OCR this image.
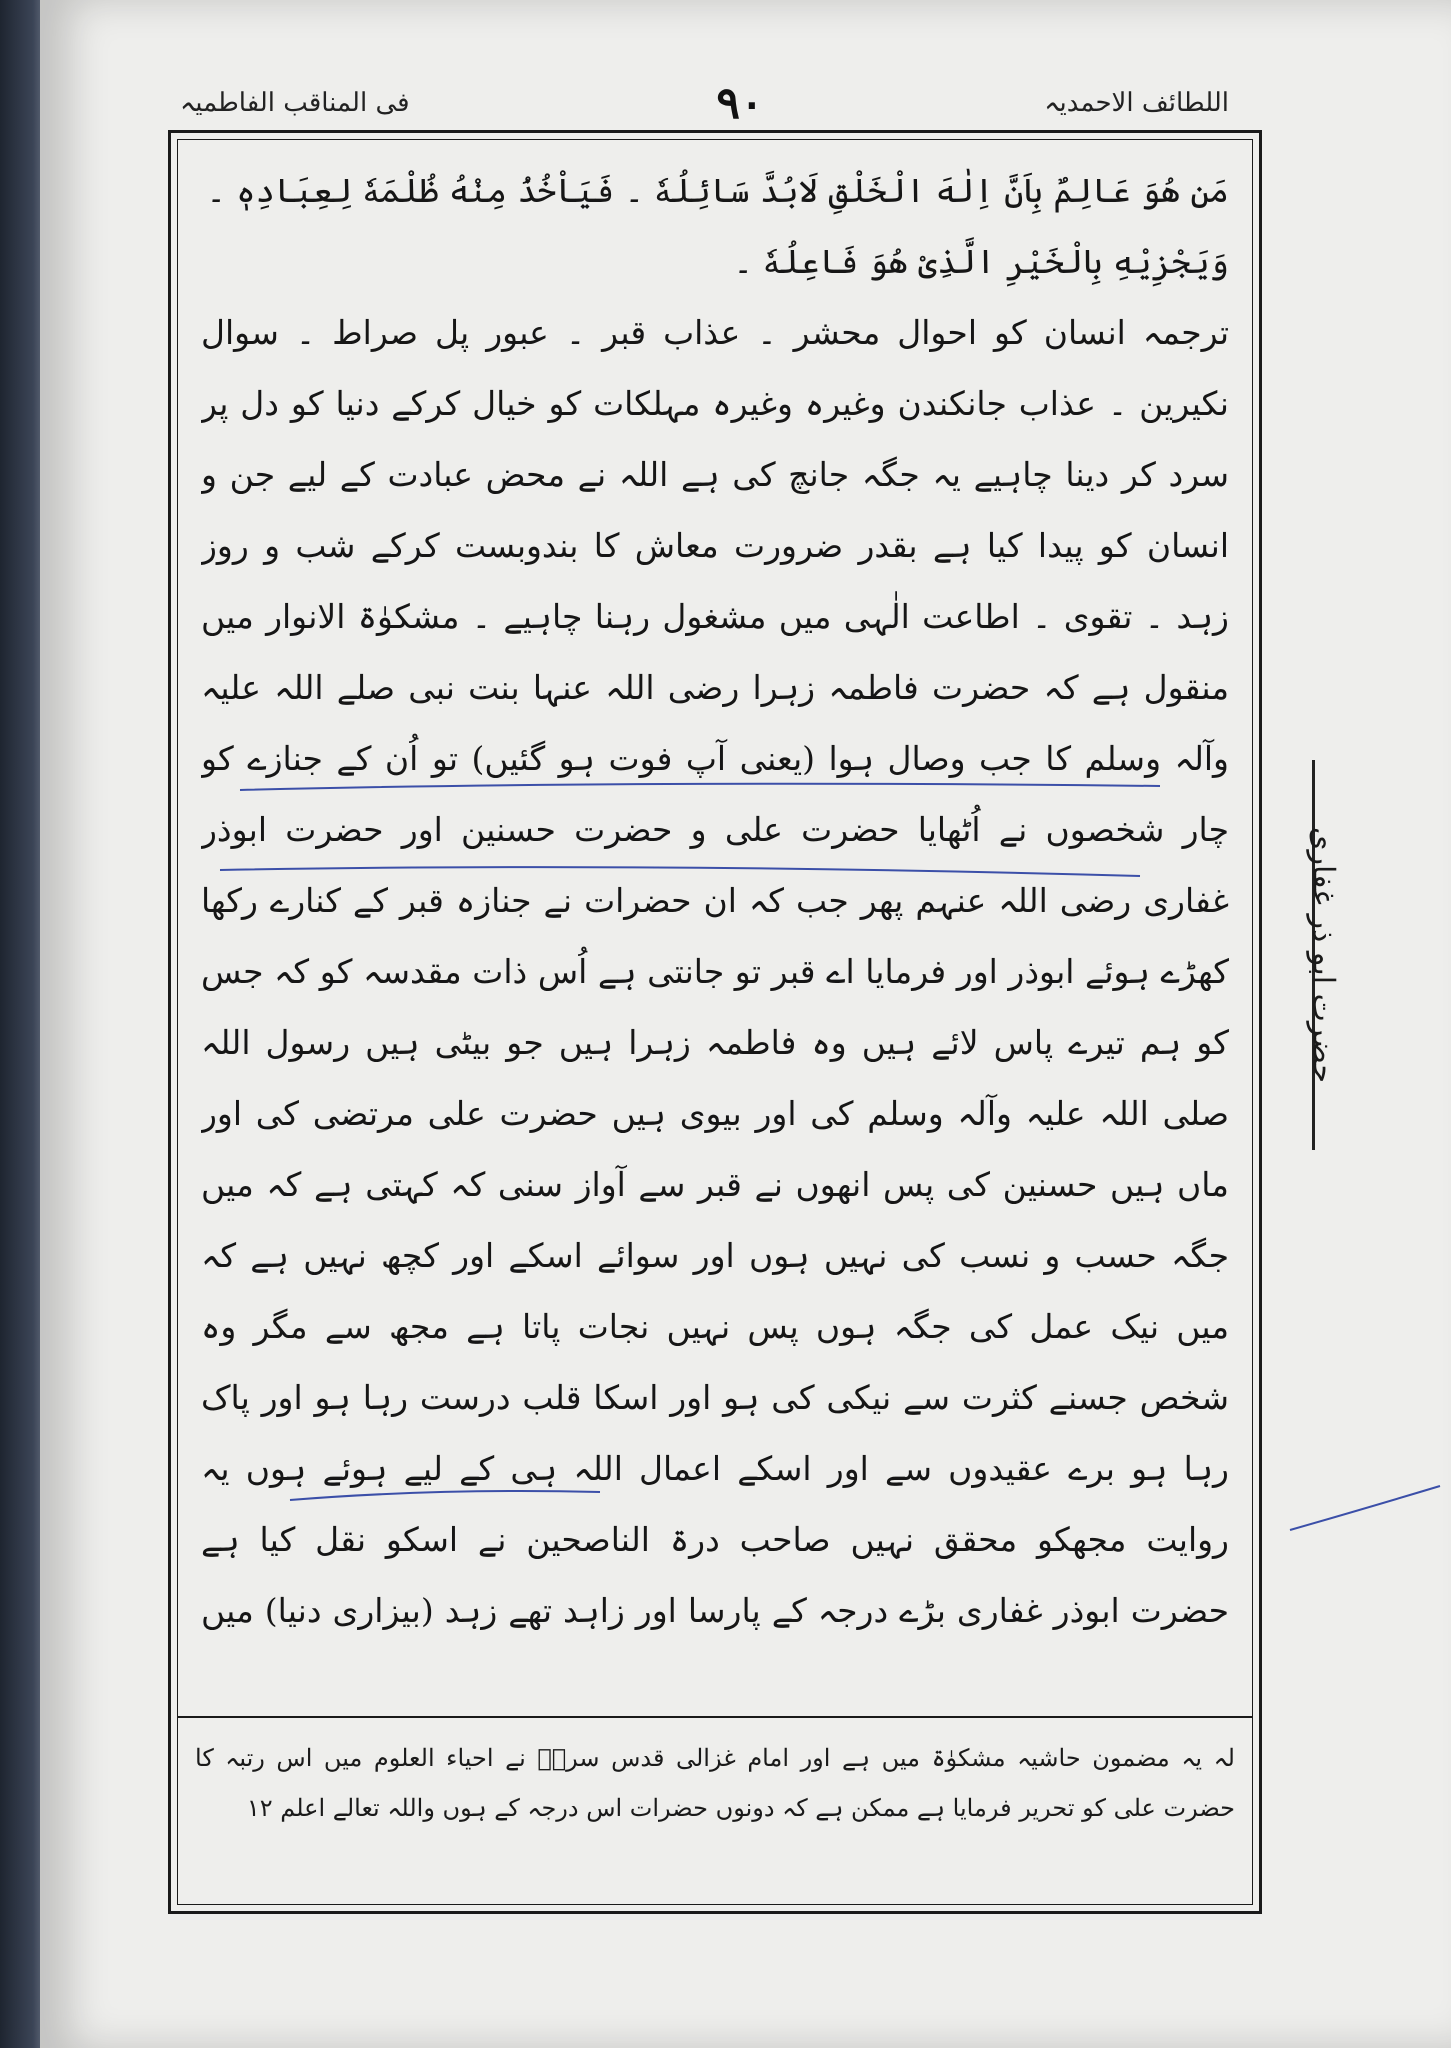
اللطائف الاحمدیہ
۹۰
فی المناقب الفاطمیہ

مَن هُوَ عَالِمٌ بِاَنَّ اِلٰهَ الْخَلْقِ لَابُدَّ سَائِلُهٗ ۔ فَیَاْخُذُ مِنْهُ ظُلْمَهٗ لِعِبَادِہٖ ۔

وَیَجْزِیْهِ بِالْخَیْرِ الَّذِیْ هُوَ فَاعِلُهٗ ۔

ترجمہ انسان کو احوال محشر ۔ عذاب قبر ۔ عبور پل صراط ۔ سوال نکیرین ۔ عذاب جانکندن وغیرہ وغیرہ مہلکات کو خیال کرکے دنیا کو دل پر سرد کر دینا چاہیے یہ جگہ جانچ کی ہے اللہ نے محض عبادت کے لیے جن و انسان کو پیدا کیا ہے بقدر ضرورت معاش کا بندوبست کرکے شب و روز زہد ۔ تقوی ۔ اطاعت الٰہی میں مشغول رہنا چاہیے ۔ مشکوٰۃ الانوار میں منقول ہے کہ حضرت فاطمہ زہرا رضی اللہ عنہا بنت نبی صلے اللہ علیہ وآلہ وسلم کا جب وصال ہوا (یعنی آپ فوت ہو گئیں) تو اُن کے جنازے کو چار شخصوں نے اُٹھایا حضرت علی و حضرت حسنین اور حضرت ابوذر غفاری رضی اللہ عنہم پھر جب کہ ان حضرات نے جنازہ قبر کے کنارے رکھا کھڑے ہوئے ابوذر اور فرمایا اے قبر تو جانتی ہے اُس ذات مقدسہ کو کہ جس کو ہم تیرے پاس لائے ہیں وہ فاطمہ زہرا ہیں جو بیٹی ہیں رسول اللہ صلی اللہ علیہ وآلہ وسلم کی اور بیوی ہیں حضرت علی مرتضی کی اور ماں ہیں حسنین کی پس انھوں نے قبر سے آواز سنی کہ کہتی ہے کہ میں جگہ حسب و نسب کی نہیں ہوں اور سوائے اسکے اور کچھ نہیں ہے کہ میں نیک عمل کی جگہ ہوں پس نہیں نجات پاتا ہے مجھ سے مگر وہ شخص جسنے کثرت سے نیکی کی ہو اور اسکا قلب درست رہا ہو اور پاک رہا ہو برے عقیدوں سے اور اسکے اعمال اللہ ہی کے لیے ہوئے ہوں یہ روایت مجھکو محقق نہیں صاحب درۃ الناصحین نے اسکو نقل کیا ہے حضرت ابوذر غفاری بڑے درجہ کے پارسا اور زاہد تھے زہد (بیزاری دنیا) میں

لہ یہ مضمون حاشیہ مشکوٰۃ میں ہے اور امام غزالی قدس سرہٗ نے احیاء العلوم میں اس رتبہ کا حضرت علی کو تحریر فرمایا ہے ممکن ہے کہ دونوں حضرات اس درجہ کے ہوں واللہ تعالے اعلم ۱۲
حضرت ابو ذر غفاری
